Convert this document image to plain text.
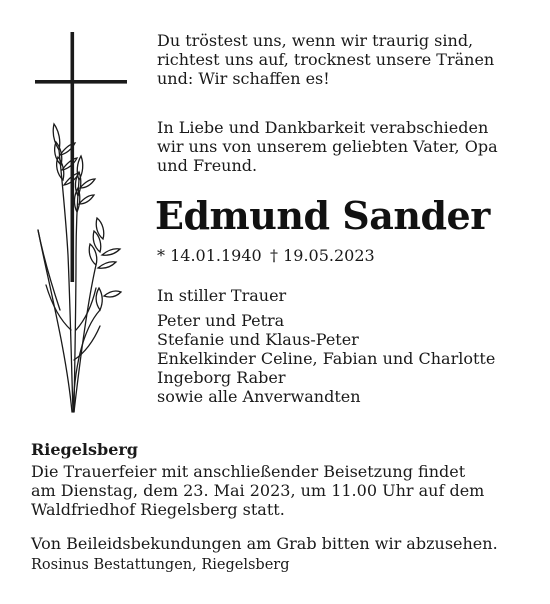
Du tröstest uns, wenn wir traurig sind,
richtest uns auf, trocknest unsere Tränen
und: Wir schaffen es!
In Liebe und Dankbarkeit verabschieden
wir uns von unserem geliebten Vater, Opa
und Freund.
Edmund Sander
* 14.01.1940 † 19.05.2023
In stiller Trauer
Peter und Petra
Stefanie und Klaus-Peter
Enkelkinder Celine, Fabian und Charlotte
Ingeborg Raber
sowie alle Anverwandten
Riegelsberg
Die Trauerfeier mit anschließender Beisetzung findet
am Dienstag, dem 23. Mai 2023, um 11.00 Uhr auf dem
Waldfriedhof Riegelsberg statt.
Von Beileidsbekundungen am Grab bitten wir abzusehen.
Rosinus Bestattungen, Riegelsberg
